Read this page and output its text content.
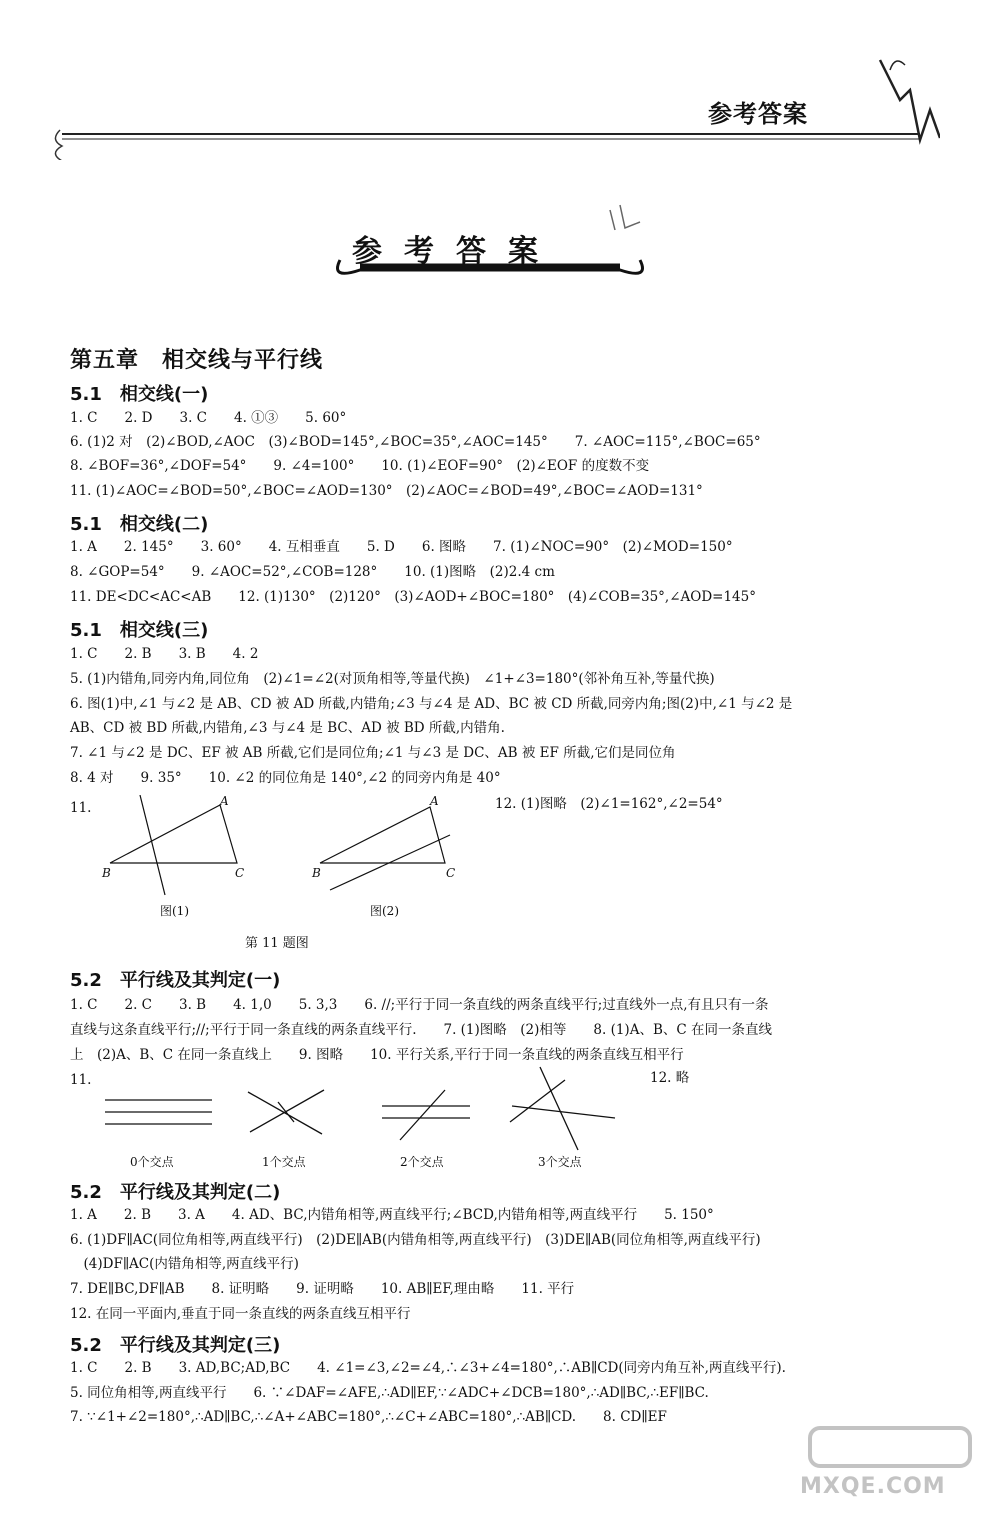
参考答案
参考答案
第五章　相交线与平行线
5.1　相交线(一)
1. C　　2. D　　3. C　　4. ①③　　5. 60°
6. (1)2 对　(2)∠BOD,∠AOC　(3)∠BOD=145°,∠BOC=35°,∠AOC=145°　　7. ∠AOC=115°,∠BOC=65°
8. ∠BOF=36°,∠DOF=54°　　9. ∠4=100°　　10. (1)∠EOF=90°　(2)∠EOF 的度数不变
11. (1)∠AOC=∠BOD=50°,∠BOC=∠AOD=130°　(2)∠AOC=∠BOD=49°,∠BOC=∠AOD=131°
5.1　相交线(二)
1. A　　2. 145°　　3. 60°　　4. 互相垂直　　5. D　　6. 图略　　7. (1)∠NOC=90°　(2)∠MOD=150°
8. ∠GOP=54°　　9. ∠AOC=52°,∠COB=128°　　10. (1)图略　(2)2.4 cm
11. DE<DC<AC<AB　　12. (1)130°　(2)120°　(3)∠AOD+∠BOC=180°　(4)∠COB=35°,∠AOD=145°
5.1　相交线(三)
1. C　　2. B　　3. B　　4. 2
5. (1)内错角,同旁内角,同位角　(2)∠1=∠2(对顶角相等,等量代换)　∠1+∠3=180°(邻补角互补,等量代换)
6. 图(1)中,∠1 与∠2 是 AB、CD 被 AD 所截,内错角;∠3 与∠4 是 AD、BC 被 CD 所截,同旁内角;图(2)中,∠1 与∠2 是
AB、CD 被 BD 所截,内错角,∠3 与∠4 是 BC、AD 被 BD 所截,内错角.
7. ∠1 与∠2 是 DC、EF 被 AB 所截,它们是同位角;∠1 与∠3 是 DC、AB 被 EF 所截,它们是同位角
8. 4 对　　9. 35°　　10. ∠2 的同位角是 140°,∠2 的同旁内角是 40°
11.	A
B	C
A
B	C
图(1)	图(2)
第 11 题图
12. (1)图略　(2)∠1=162°,∠2=54°
5.2　平行线及其判定(一)
1. C　　2. C　　3. B　　4. 1,0　　5. 3,3　　6. //;平行于同一条直线的两条直线平行;过直线外一点,有且只有一条
直线与这条直线平行;//;平行于同一条直线的两条直线平行.　　7. (1)图略　(2)相等　　8. (1)A、B、C 在同一条直线
上　(2)A、B、C 在同一条直线上　　9. 图略　　10. 平行关系,平行于同一条直线的两条直线互相平行
11.	12. 略
0个交点	1个交点	2个交点	3个交点
5.2　平行线及其判定(二)
1. A　　2. B　　3. A　　4. AD、BC,内错角相等,两直线平行;∠BCD,内错角相等,两直线平行　　5. 150°
6. (1)DF∥AC(同位角相等,两直线平行)　(2)DE∥AB(内错角相等,两直线平行)　(3)DE∥AB(同位角相等,两直线平行)
　(4)DF∥AC(内错角相等,两直线平行)
7. DE∥BC,DF∥AB　　8. 证明略　　9. 证明略　　10. AB∥EF,理由略　　11. 平行
12. 在同一平面内,垂直于同一条直线的两条直线互相平行
5.2　平行线及其判定(三)
1. C　　2. B　　3. AD,BC;AD,BC　　4. ∠1=∠3,∠2=∠4,∴∠3+∠4=180°,∴AB∥CD(同旁内角互补,两直线平行).
5. 同位角相等,两直线平行　　6. ∵∠DAF=∠AFE,∴AD∥EF,∵∠ADC+∠DCB=180°,∴AD∥BC,∴EF∥BC.
7. ∵∠1+∠2=180°,∴AD∥BC,∴∠A+∠ABC=180°,∴∠C+∠ABC=180°,∴AB∥CD.　　8. CD∥EF
MXQE.COM
